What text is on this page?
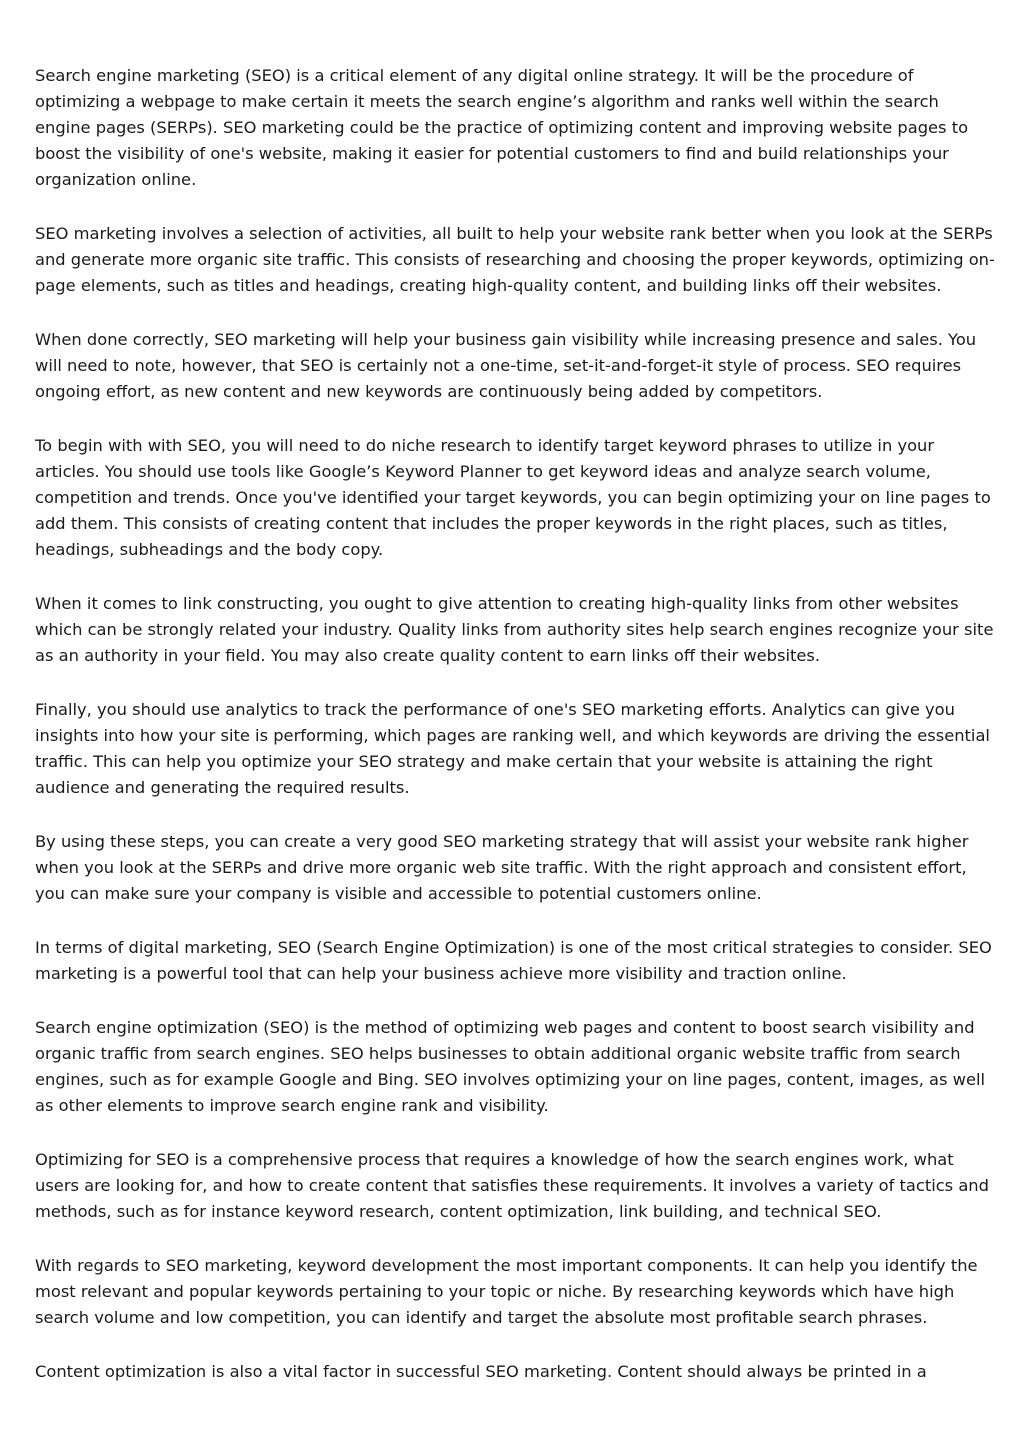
Search engine marketing (SEO) is a critical element of any digital online strategy. It will be the procedure of optimizing a webpage to make certain it meets the search engine’s algorithm and ranks well within the search engine pages (SERPs). SEO marketing could be the practice of optimizing content and improving website pages to boost the visibility of one's website, making it easier for potential customers to find and build relationships your organization online.

SEO marketing involves a selection of activities, all built to help your website rank better when you look at the SERPs and generate more organic site traffic. This consists of researching and choosing the proper keywords, optimizing on-page elements, such as titles and headings, creating high-quality content, and building links off their websites.

When done correctly, SEO marketing will help your business gain visibility while increasing presence and sales. You will need to note, however, that SEO is certainly not a one-time, set-it-and-forget-it style of process. SEO requires ongoing effort, as new content and new keywords are continuously being added by competitors.

To begin with with SEO, you will need to do niche research to identify target keyword phrases to utilize in your articles. You should use tools like Google’s Keyword Planner to get keyword ideas and analyze search volume, competition and trends. Once you've identified your target keywords, you can begin optimizing your on line pages to add them. This consists of creating content that includes the proper keywords in the right places, such as titles, headings, subheadings and the body copy.

When it comes to link constructing, you ought to give attention to creating high-quality links from other websites which can be strongly related your industry. Quality links from authority sites help search engines recognize your site as an authority in your field. You may also create quality content to earn links off their websites.

Finally, you should use analytics to track the performance of one's SEO marketing efforts. Analytics can give you insights into how your site is performing, which pages are ranking well, and which keywords are driving the essential traffic. This can help you optimize your SEO strategy and make certain that your website is attaining the right audience and generating the required results.

By using these steps, you can create a very good SEO marketing strategy that will assist your website rank higher when you look at the SERPs and drive more organic web site traffic. With the right approach and consistent effort, you can make sure your company is visible and accessible to potential customers online.

In terms of digital marketing, SEO (Search Engine Optimization) is one of the most critical strategies to consider. SEO marketing is a powerful tool that can help your business achieve more visibility and traction online.

Search engine optimization (SEO) is the method of optimizing web pages and content to boost search visibility and organic traffic from search engines. SEO helps businesses to obtain additional organic website traffic from search engines, such as for example Google and Bing. SEO involves optimizing your on line pages, content, images, as well as other elements to improve search engine rank and visibility.

Optimizing for SEO is a comprehensive process that requires a knowledge of how the search engines work, what users are looking for, and how to create content that satisfies these requirements. It involves a variety of tactics and methods, such as for instance keyword research, content optimization, link building, and technical SEO.

With regards to SEO marketing, keyword development the most important components. It can help you identify the most relevant and popular keywords pertaining to your topic or niche. By researching keywords which have high search volume and low competition, you can identify and target the absolute most profitable search phrases.

Content optimization is also a vital factor in successful SEO marketing. Content should always be printed in a
